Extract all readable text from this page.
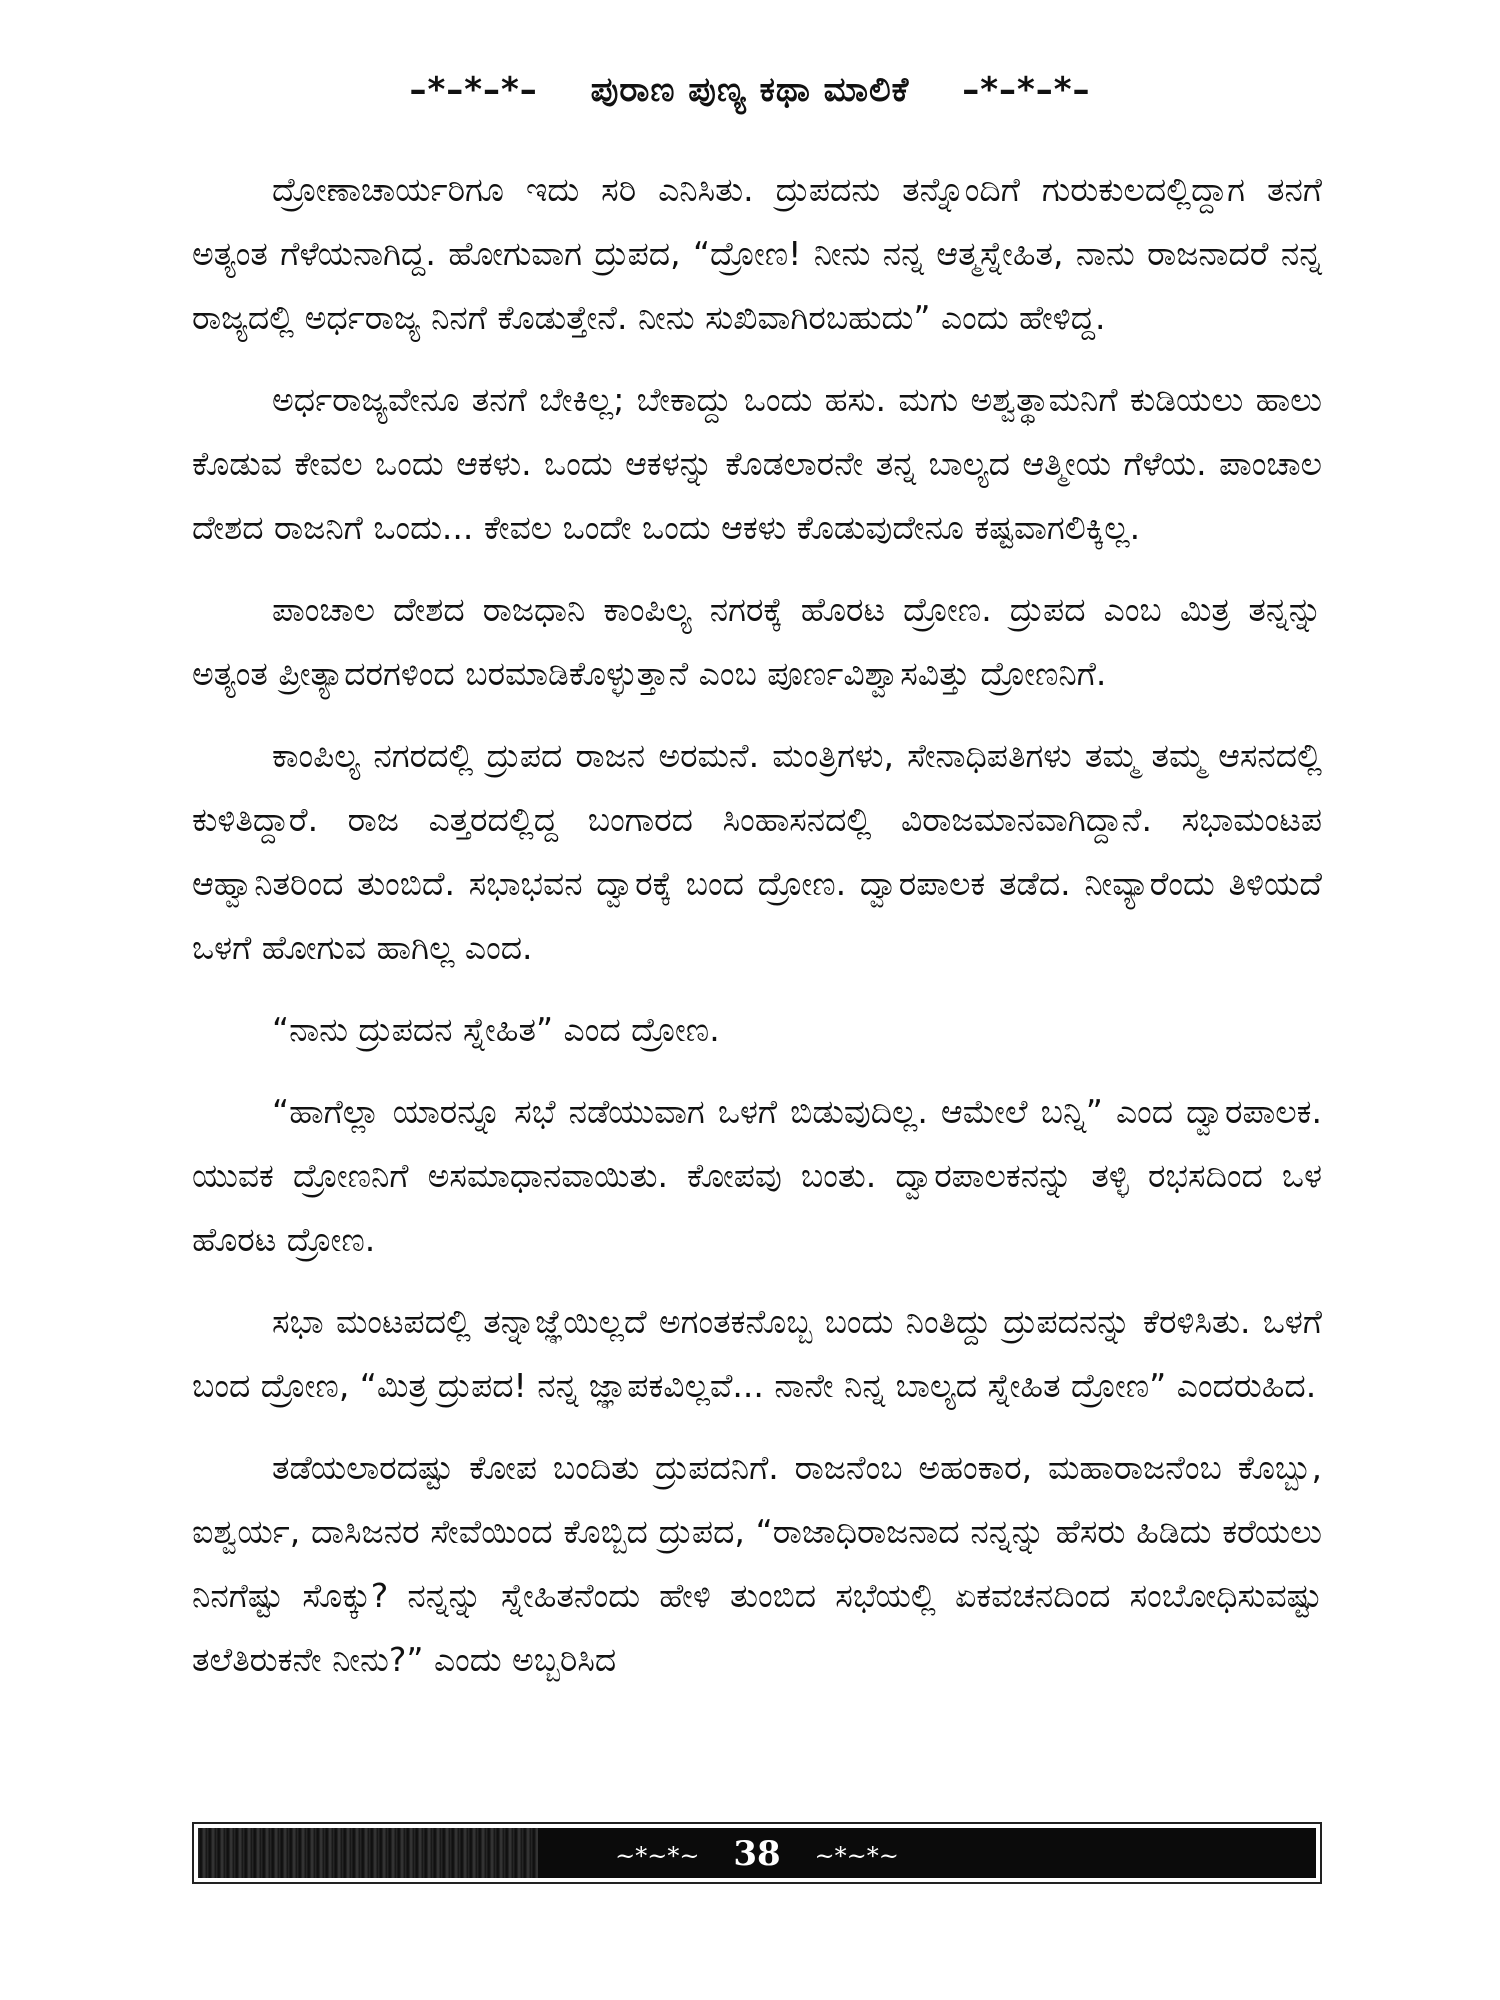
–*–*–*– ಪುರಾಣ ಪುಣ್ಯ ಕಥಾ ಮಾಲಿಕೆ –*–*–*–

ದ್ರೋಣಾಚಾರ್ಯರಿಗೂ ಇದು ಸರಿ ಎನಿಸಿತು. ದ್ರುಪದನು ತನ್ನೊಂದಿಗೆ ಗುರುಕುಲದಲ್ಲಿದ್ದಾಗ ತನಗೆ ಅತ್ಯಂತ ಗೆಳೆಯನಾಗಿದ್ದ. ಹೋಗುವಾಗ ದ್ರುಪದ, “ದ್ರೋಣ! ನೀನು ನನ್ನ ಆತ್ಮಸ್ನೇಹಿತ, ನಾನು ರಾಜನಾದರೆ ನನ್ನ ರಾಜ್ಯದಲ್ಲಿ ಅರ್ಧರಾಜ್ಯ ನಿನಗೆ ಕೊಡುತ್ತೇನೆ. ನೀನು ಸುಖಿವಾಗಿರಬಹುದು” ಎಂದು ಹೇಳಿದ್ದ.

ಅರ್ಧರಾಜ್ಯವೇನೂ ತನಗೆ ಬೇಕಿಲ್ಲ; ಬೇಕಾದ್ದು ಒಂದು ಹಸು. ಮಗು ಅಶ್ವತ್ಥಾಮನಿಗೆ ಕುಡಿಯಲು ಹಾಲು ಕೊಡುವ ಕೇವಲ ಒಂದು ಆಕಳು. ಒಂದು ಆಕಳನ್ನು ಕೊಡಲಾರನೇ ತನ್ನ ಬಾಲ್ಯದ ಆತ್ಮೀಯ ಗೆಳೆಯ. ಪಾಂಚಾಲ ದೇಶದ ರಾಜನಿಗೆ ಒಂದು... ಕೇವಲ ಒಂದೇ ಒಂದು ಆಕಳು ಕೊಡುವುದೇನೂ ಕಷ್ಟವಾಗಲಿಕ್ಕಿಲ್ಲ.

ಪಾಂಚಾಲ ದೇಶದ ರಾಜಧಾನಿ ಕಾಂಪಿಲ್ಯ ನಗರಕ್ಕೆ ಹೊರಟ ದ್ರೋಣ. ದ್ರುಪದ ಎಂಬ ಮಿತ್ರ ತನ್ನನ್ನು ಅತ್ಯಂತ ಪ್ರೀತ್ಯಾದರಗಳಿಂದ ಬರಮಾಡಿಕೊಳ್ಳುತ್ತಾನೆ ಎಂಬ ಪೂರ್ಣವಿಶ್ವಾಸವಿತ್ತು ದ್ರೋಣನಿಗೆ.

ಕಾಂಪಿಲ್ಯ ನಗರದಲ್ಲಿ ದ್ರುಪದ ರಾಜನ ಅರಮನೆ. ಮಂತ್ರಿಗಳು, ಸೇನಾಧಿಪತಿಗಳು ತಮ್ಮ ತಮ್ಮ ಆಸನದಲ್ಲಿ ಕುಳಿತಿದ್ದಾರೆ. ರಾಜ ಎತ್ತರದಲ್ಲಿದ್ದ ಬಂಗಾರದ ಸಿಂಹಾಸನದಲ್ಲಿ ವಿರಾಜಮಾನವಾಗಿದ್ದಾನೆ. ಸಭಾಮಂಟಪ ಆಹ್ವಾನಿತರಿಂದ ತುಂಬಿದೆ. ಸಭಾಭವನ ದ್ವಾರಕ್ಕೆ ಬಂದ ದ್ರೋಣ. ದ್ವಾರಪಾಲಕ ತಡೆದ. ನೀವ್ಯಾರೆಂದು ತಿಳಿಯದೆ ಒಳಗೆ ಹೋಗುವ ಹಾಗಿಲ್ಲ ಎಂದ.

“ನಾನು ದ್ರುಪದನ ಸ್ನೇಹಿತ” ಎಂದ ದ್ರೋಣ.

“ಹಾಗೆಲ್ಲಾ ಯಾರನ್ನೂ ಸಭೆ ನಡೆಯುವಾಗ ಒಳಗೆ ಬಿಡುವುದಿಲ್ಲ. ಆಮೇಲೆ ಬನ್ನಿ” ಎಂದ ದ್ವಾರಪಾಲಕ. ಯುವಕ ದ್ರೋಣನಿಗೆ ಅಸಮಾಧಾನವಾಯಿತು. ಕೋಪವು ಬಂತು. ದ್ವಾರಪಾಲಕನನ್ನು ತಳ್ಳಿ ರಭಸದಿಂದ ಒಳ ಹೊರಟ ದ್ರೋಣ.

ಸಭಾ ಮಂಟಪದಲ್ಲಿ ತನ್ನಾಜ್ಞೆಯಿಲ್ಲದೆ ಅಗಂತಕನೊಬ್ಬ ಬಂದು ನಿಂತಿದ್ದು ದ್ರುಪದನನ್ನು ಕೆರಳಿಸಿತು. ಒಳಗೆ ಬಂದ ದ್ರೋಣ, “ಮಿತ್ರ ದ್ರುಪದ! ನನ್ನ ಜ್ಞಾಪಕವಿಲ್ಲವೆ... ನಾನೇ ನಿನ್ನ ಬಾಲ್ಯದ ಸ್ನೇಹಿತ ದ್ರೋಣ” ಎಂದರುಹಿದ.

ತಡೆಯಲಾರದಷ್ಟು ಕೋಪ ಬಂದಿತು ದ್ರುಪದನಿಗೆ. ರಾಜನೆಂಬ ಅಹಂಕಾರ, ಮಹಾರಾಜನೆಂಬ ಕೊಬ್ಬು, ಐಶ್ವರ್ಯ, ದಾಸಿಜನರ ಸೇವೆಯಿಂದ ಕೊಬ್ಬಿದ ದ್ರುಪದ, “ರಾಜಾಧಿರಾಜನಾದ ನನ್ನನ್ನು ಹೆಸರು ಹಿಡಿದು ಕರೆಯಲು ನಿನಗೆಷ್ಟು ಸೊಕ್ಕು? ನನ್ನನ್ನು ಸ್ನೇಹಿತನೆಂದು ಹೇಳಿ ತುಂಬಿದ ಸಭೆಯಲ್ಲಿ ಏಕವಚನದಿಂದ ಸಂಬೋಧಿಸುವಷ್ಟು ತಲೆತಿರುಕನೇ ನೀನು?” ಎಂದು ಅಬ್ಬರಿಸಿದ

~*~*~ 38 ~*~*~
